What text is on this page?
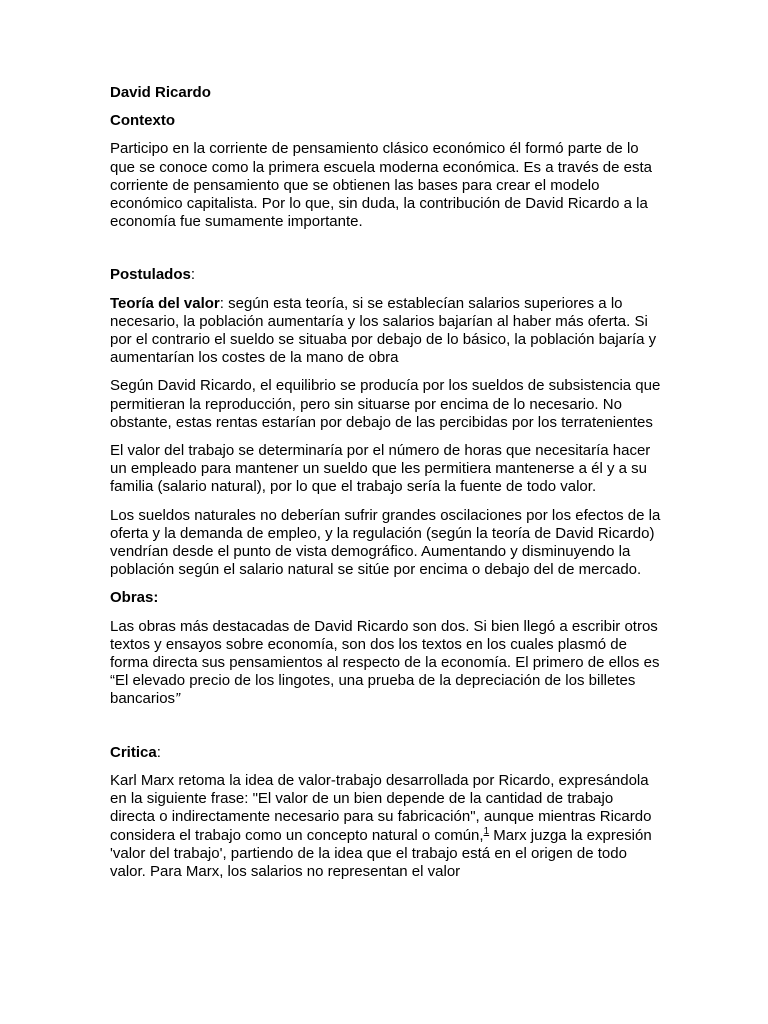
David Ricardo
Contexto

Participo en la corriente de pensamiento clásico económico él formó parte de lo que se conoce como la primera escuela moderna económica. Es a través de esta corriente de pensamiento que se obtienen las bases para crear el modelo económico capitalista. Por lo que, sin duda, la contribución de David Ricardo a la economía fue sumamente importante.

Postulados:

Teoría del valor: según esta teoría, si se establecían salarios superiores a lo necesario, la población aumentaría y los salarios bajarían al haber más oferta. Si por el contrario el sueldo se situaba por debajo de lo básico, la población bajaría y aumentarían los costes de la mano de obra

Según David Ricardo, el equilibrio se producía por los sueldos de subsistencia que permitieran la reproducción, pero sin situarse por encima de lo necesario. No obstante, estas rentas estarían por debajo de las percibidas por los terratenientes

El valor del trabajo se determinaría por el número de horas que necesitaría hacer un empleado para mantener un sueldo que les permitiera mantenerse a él y a su familia (salario natural), por lo que el trabajo sería la fuente de todo valor.

Los sueldos naturales no deberían sufrir grandes oscilaciones por los efectos de la oferta y la demanda de empleo, y la regulación (según la teoría de David Ricardo) vendrían desde el punto de vista demográfico. Aumentando y disminuyendo la población según el salario natural se sitúe por encima o debajo del de mercado.

Obras:

Las obras más destacadas de David Ricardo son dos. Si bien llegó a escribir otros textos y ensayos sobre economía, son dos los textos en los cuales plasmó de forma directa sus pensamientos al respecto de la economía. El primero de ellos es “El elevado precio de los lingotes, una prueba de la depreciación de los billetes bancarios”

Critica:

Karl Marx retoma la idea de valor-trabajo desarrollada por Ricardo, expresándola en la siguiente frase: "El valor de un bien depende de la cantidad de trabajo directa o indirectamente necesario para su fabricación", aunque mientras Ricardo considera el trabajo como un concepto natural o común,$^1$ Marx juzga la expresión 'valor del trabajo', partiendo de la idea que el trabajo está en el origen de todo valor. Para Marx, los salarios no representan el valor
